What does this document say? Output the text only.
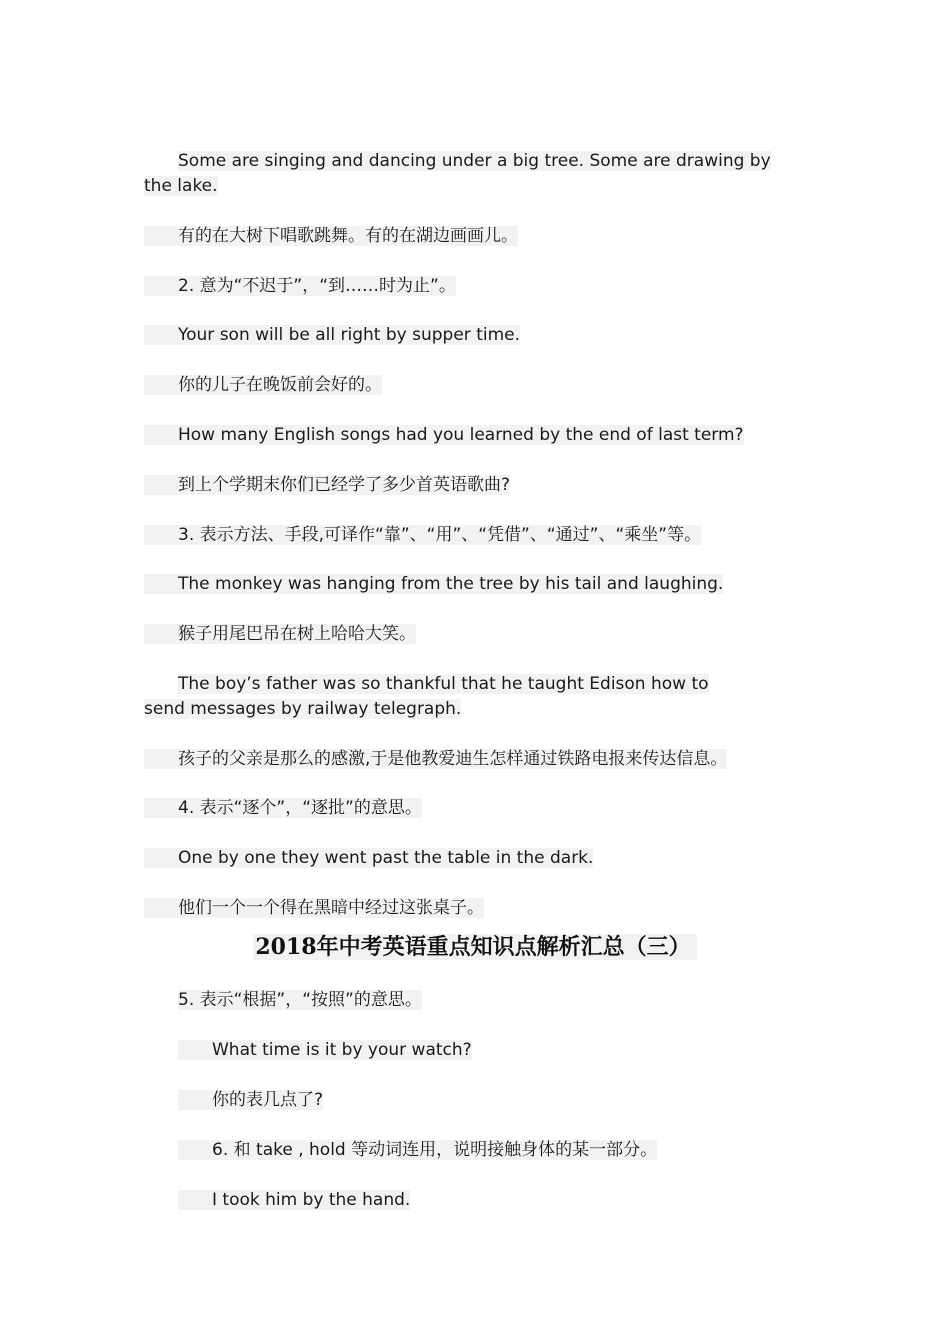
Some are singing and dancing under a big tree. Some are drawing by the lake.

有的在大树下唱歌跳舞。有的在湖边画画儿。

2. 意为“不迟于”，“到……时为止”。

Your son will be all right by supper time.

你的儿子在晚饭前会好的。

How many English songs had you learned by the end of last term?

到上个学期末你们已经学了多少首英语歌曲?

3. 表示方法、手段,可译作“靠”、“用”、“凭借”、“通过”、“乘坐”等。

The monkey was hanging from the tree by his tail and laughing.

猴子用尾巴吊在树上哈哈大笑。

The boy’s father was so thankful that he taught Edison how to send messages by railway telegraph.

孩子的父亲是那么的感激,于是他教爱迪生怎样通过铁路电报来传达信息。

4. 表示“逐个”，“逐批”的意思。

One by one they went past the table in the dark.

他们一个一个得在黑暗中经过这张桌子。

2018年中考英语重点知识点解析汇总（三）

5. 表示“根据”，“按照”的意思。

What time is it by your watch?

你的表几点了?

6. 和 take , hold 等动词连用，说明接触身体的某一部分。

I took him by the hand.
